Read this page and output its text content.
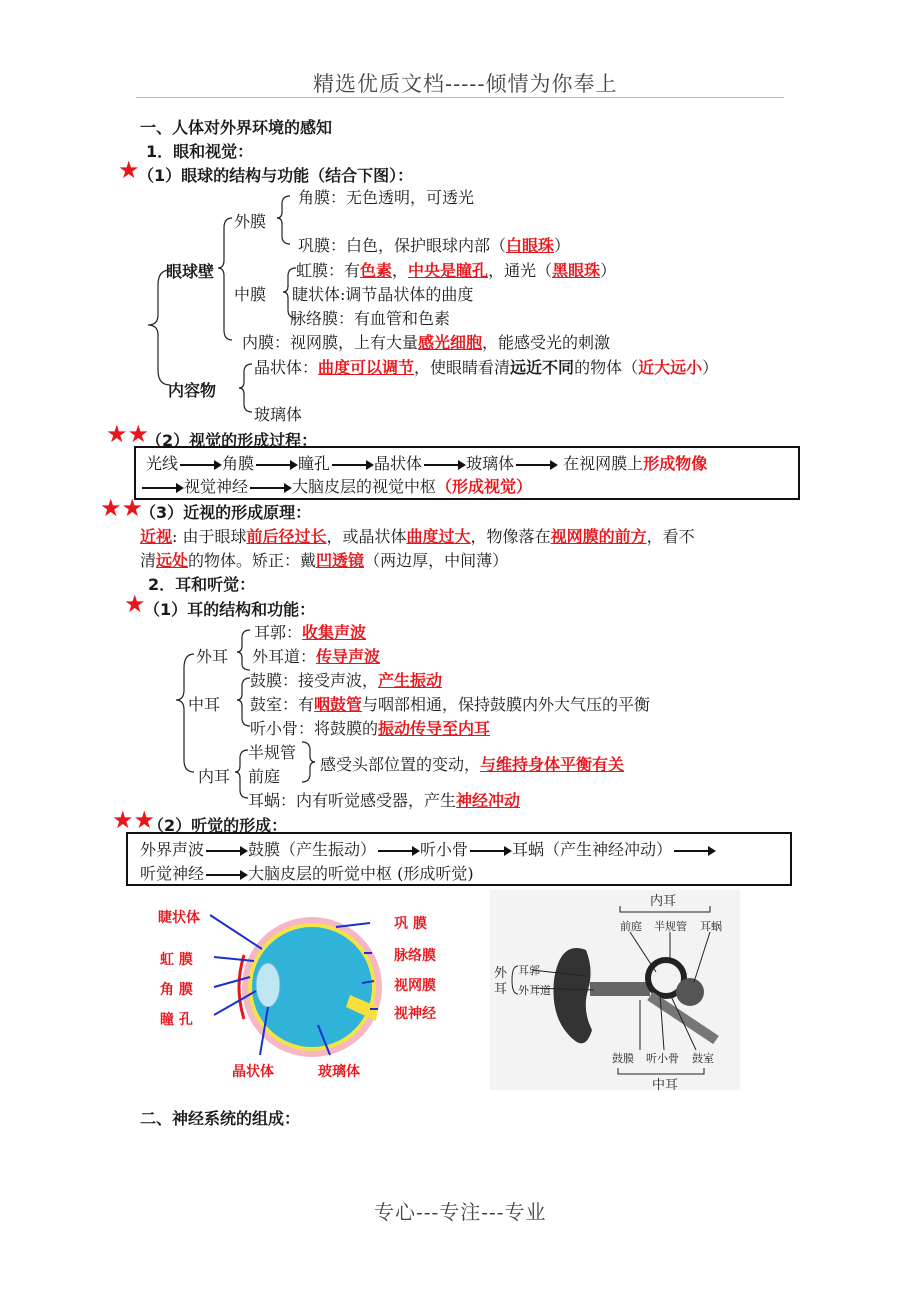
精选优质文档-----倾情为你奉上
一、人体对外界环境的感知
1．眼和视觉：
★
（1）眼球的结构与功能（结合下图）：
眼球壁
外膜
角膜：无色透明，可透光
巩膜：白色，保护眼球内部（白眼珠）
虹膜：有色素，中央是瞳孔，通光（黑眼珠）
中膜 睫状体:调节晶状体的曲度
脉络膜：有血管和色素
内膜：视网膜，上有大量感光细胞，能感受光的刺激
晶状体：曲度可以调节，使眼睛看清远近不同的物体（近大远小）
内容物
玻璃体
★★
（2）视觉的形成过程：
光线	角膜	瞳孔	晶状体	玻璃体	在视网膜上形成物像
视觉神经	大脑皮层的视觉中枢（形成视觉）
★★
（3）近视的形成原理：
近视: 由于眼球前后径过长，或晶状体曲度过大，物像落在视网膜的前方，看不
清远处的物体。矫正：戴凹透镜（两边厚，中间薄）
2．耳和听觉：
★
（1）耳的结构和功能：
外耳
耳郭：收集声波
外耳道：传导声波
中耳
鼓膜：接受声波，产生振动
鼓室：有咽鼓管与咽部相通，保持鼓膜内外大气压的平衡
听小骨：将鼓膜的振动传导至内耳
内耳
半规管
前庭
感受头部位置的变动，与维持身体平衡有关
耳蜗：内有听觉感受器，产生神经冲动
★★
（2）听觉的形成：
外界声波	鼓膜（产生振动）	听小骨	耳蜗（产生神经冲动）
听觉神经	大脑皮层的听觉中枢 (形成听觉)
睫状体
虹 膜
角 膜
瞳 孔
晶状体	玻璃体
巩 膜
脉络膜
视网膜
视神经
内耳
前庭 半规管 耳蜗
外耳
耳郭
外耳道
鼓膜 听小骨 鼓室
中耳
二、神经系统的组成：
专心---专注---专业
